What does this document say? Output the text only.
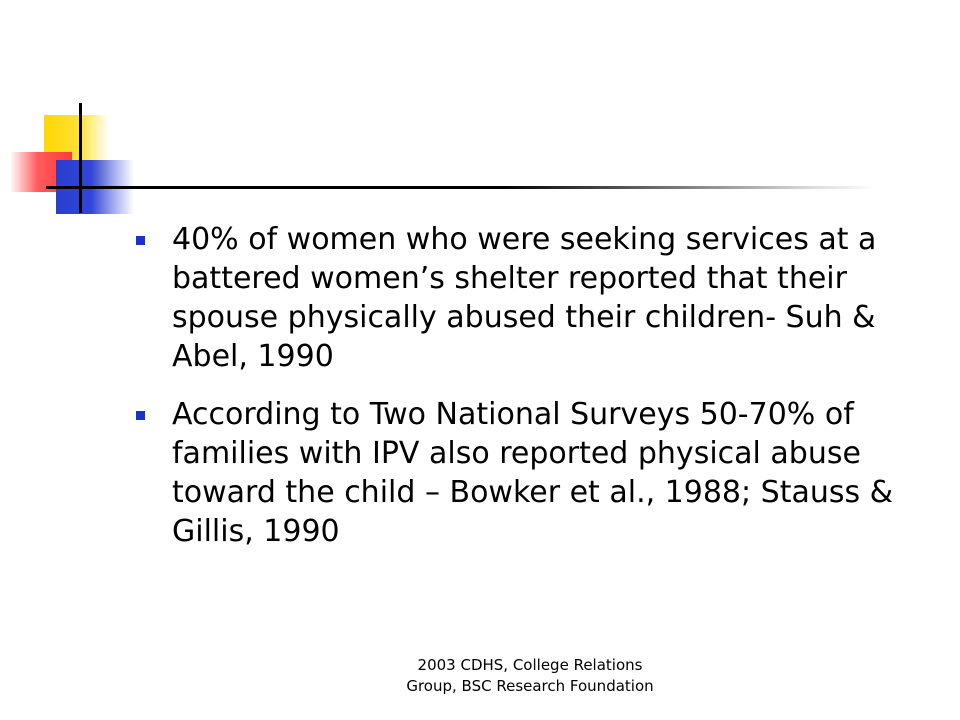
40% of women who were seeking services at a battered women’s shelter reported that their spouse physically abused their children- Suh & Abel, 1990
According to Two National Surveys 50-70% of families with IPV also reported physical abuse toward the child – Bowker et al., 1988; Stauss & Gillis, 1990
2003 CDHS, College Relations
Group, BSC Research Foundation
